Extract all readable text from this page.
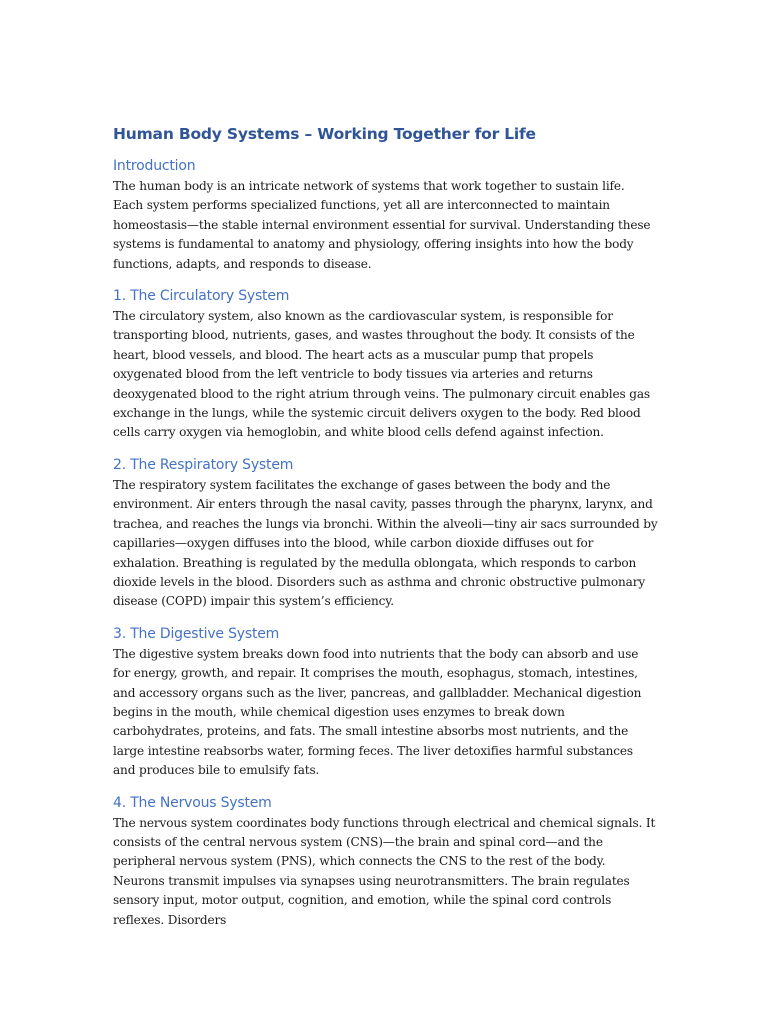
Human Body Systems – Working Together for Life
Introduction

The human body is an intricate network of systems that work together to sustain life. Each system performs specialized functions, yet all are interconnected to maintain homeostasis—the stable internal environment essential for survival. Understanding these systems is fundamental to anatomy and physiology, offering insights into how the body functions, adapts, and responds to disease.

1. The Circulatory System

The circulatory system, also known as the cardiovascular system, is responsible for transporting blood, nutrients, gases, and wastes throughout the body. It consists of the heart, blood vessels, and blood. The heart acts as a muscular pump that propels oxygenated blood from the left ventricle to body tissues via arteries and returns deoxygenated blood to the right atrium through veins. The pulmonary circuit enables gas exchange in the lungs, while the systemic circuit delivers oxygen to the body. Red blood cells carry oxygen via hemoglobin, and white blood cells defend against infection.

2. The Respiratory System

The respiratory system facilitates the exchange of gases between the body and the environment. Air enters through the nasal cavity, passes through the pharynx, larynx, and trachea, and reaches the lungs via bronchi. Within the alveoli—tiny air sacs surrounded by capillaries—oxygen diffuses into the blood, while carbon dioxide diffuses out for exhalation. Breathing is regulated by the medulla oblongata, which responds to carbon dioxide levels in the blood. Disorders such as asthma and chronic obstructive pulmonary disease (COPD) impair this system’s efficiency.

3. The Digestive System

The digestive system breaks down food into nutrients that the body can absorb and use for energy, growth, and repair. It comprises the mouth, esophagus, stomach, intestines, and accessory organs such as the liver, pancreas, and gallbladder. Mechanical digestion begins in the mouth, while chemical digestion uses enzymes to break down carbohydrates, proteins, and fats. The small intestine absorbs most nutrients, and the large intestine reabsorbs water, forming feces. The liver detoxifies harmful substances and produces bile to emulsify fats.

4. The Nervous System

The nervous system coordinates body functions through electrical and chemical signals. It consists of the central nervous system (CNS)—the brain and spinal cord—and the peripheral nervous system (PNS), which connects the CNS to the rest of the body. Neurons transmit impulses via synapses using neurotransmitters. The brain regulates sensory input, motor output, cognition, and emotion, while the spinal cord controls reflexes. Disorders
